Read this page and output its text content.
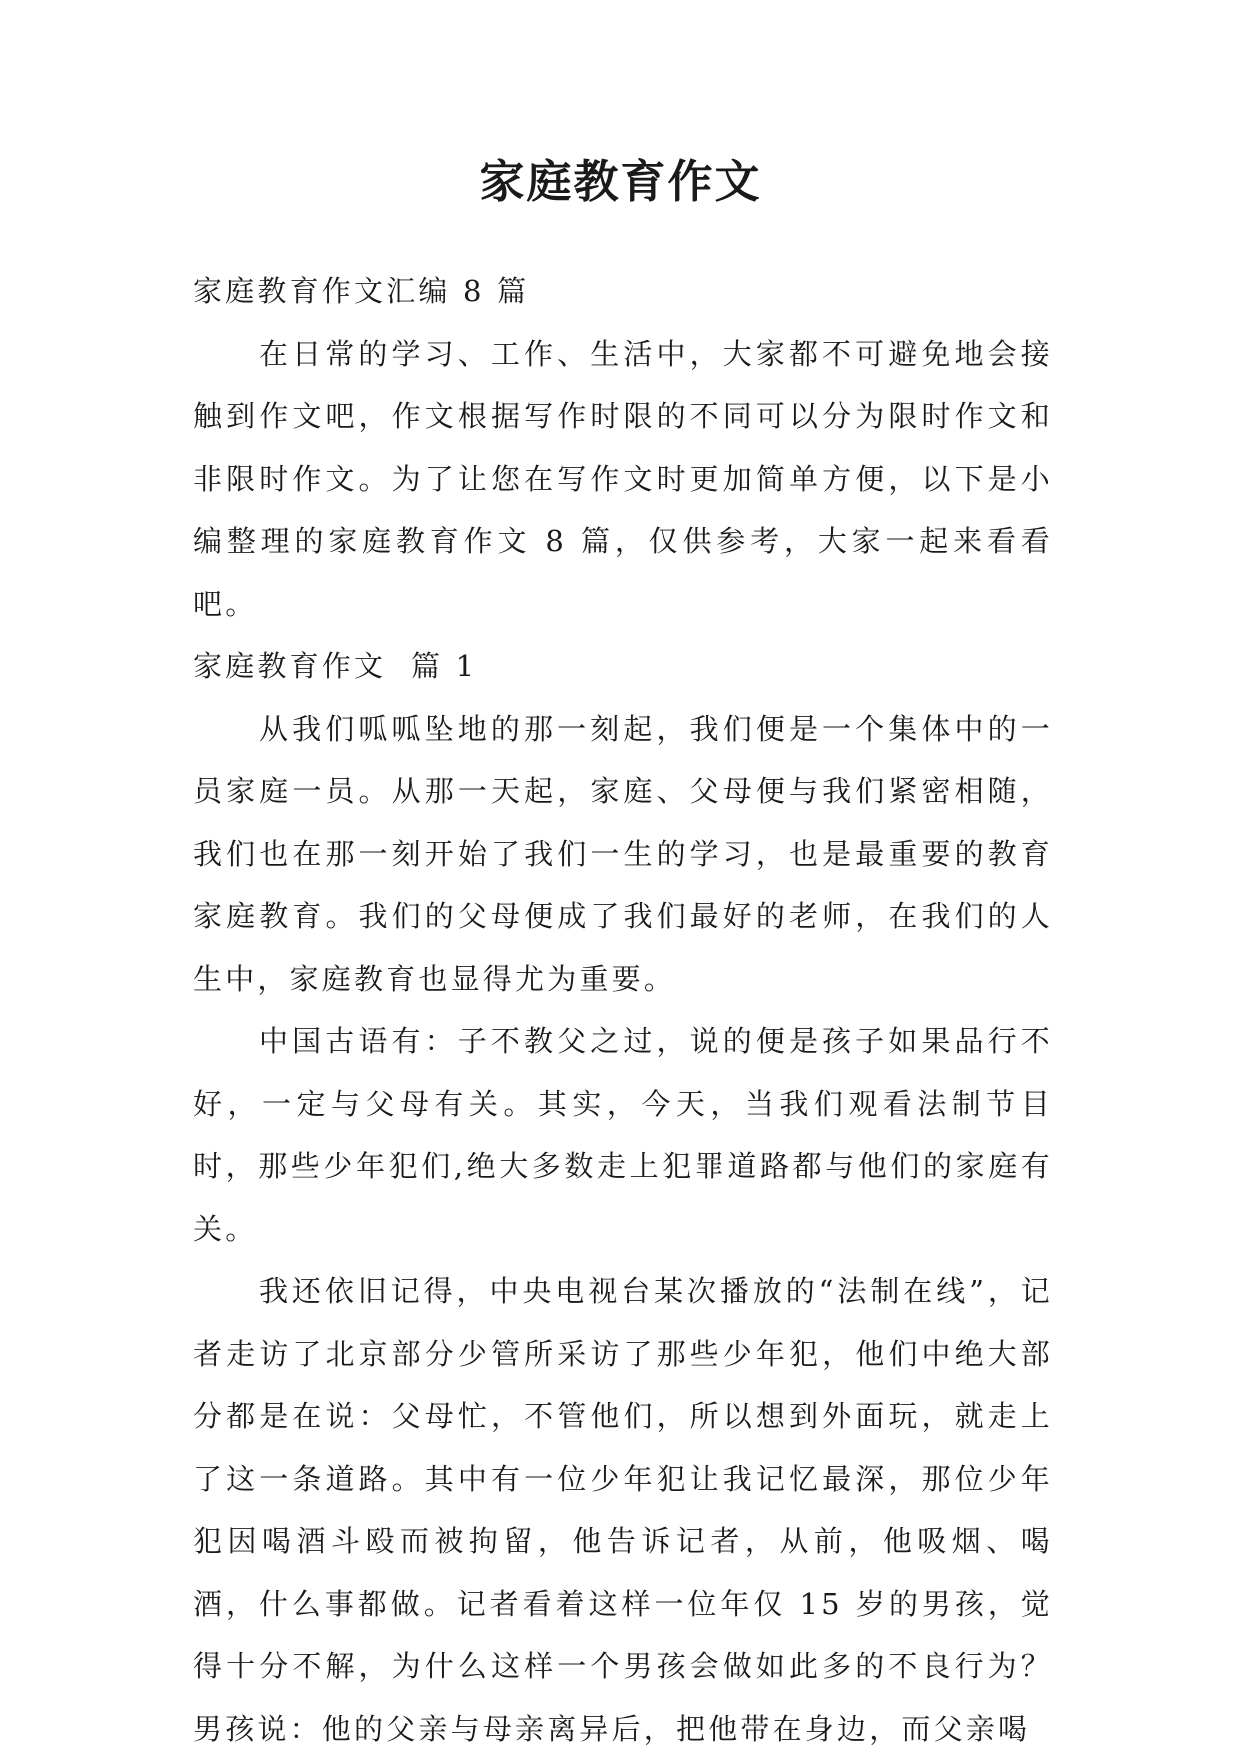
家庭教育作文

家庭教育作文汇编 8 篇

在日常的学习、工作、生活中，大家都不可避免地会接触到作文吧，作文根据写作时限的不同可以分为限时作文和非限时作文。为了让您在写作文时更加简单方便，以下是小编整理的家庭教育作文 8 篇，仅供参考，大家一起来看看吧。

家庭教育作文  篇 1

从我们呱呱坠地的那一刻起，我们便是一个集体中的一员家庭一员。从那一天起，家庭、父母便与我们紧密相随，我们也在那一刻开始了我们一生的学习，也是最重要的教育家庭教育。我们的父母便成了我们最好的老师，在我们的人生中，家庭教育也显得尤为重要。

中国古语有：子不教父之过，说的便是孩子如果品行不好，一定与父母有关。其实，今天，当我们观看法制节目时，那些少年犯们,绝大多数走上犯罪道路都与他们的家庭有关。

我还依旧记得，中央电视台某次播放的“法制在线”，记者走访了北京部分少管所采访了那些少年犯，他们中绝大部分都是在说：父母忙，不管他们，所以想到外面玩，就走上了这一条道路。其中有一位少年犯让我记忆最深，那位少年犯因喝酒斗殴而被拘留，他告诉记者，从前，他吸烟、喝酒，什么事都做。记者看着这样一位年仅 15 岁的男孩，觉得十分不解，为什么这样一个男孩会做如此多的不良行为？男孩说：他的父亲与母亲离异后，把他带在身边，而父亲喝
